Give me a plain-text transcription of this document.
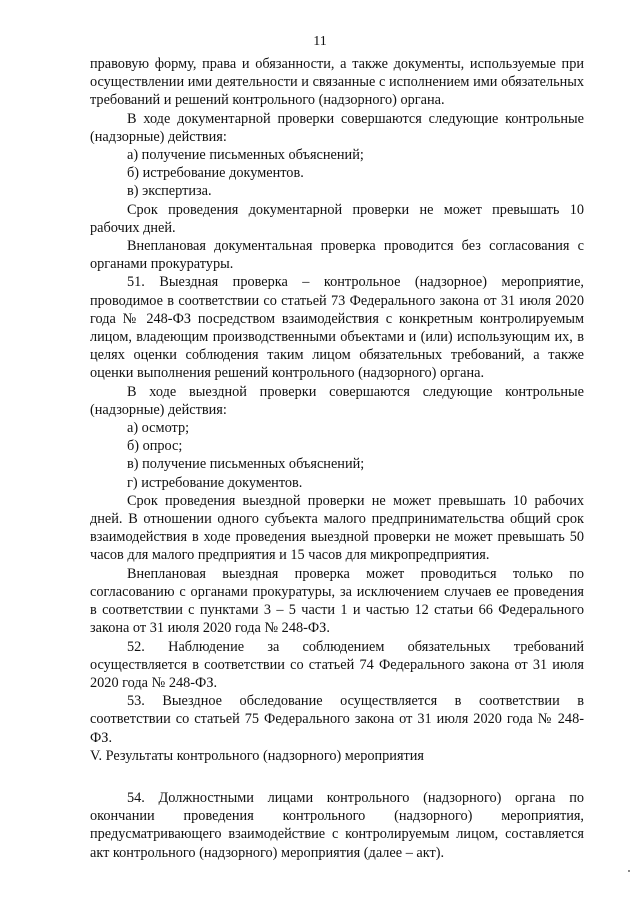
11

правовую форму, права и обязанности, а также документы, используемые при осуществлении ими деятельности и связанные с исполнением ими обязательных требований и решений контрольного (надзорного) органа.

В ходе документарной проверки совершаются следующие контрольные (надзорные) действия:

а) получение письменных объяснений;

б) истребование документов.

в) экспертиза.

Срок проведения документарной проверки не может превышать 10 рабочих дней.

Внеплановая документальная проверка проводится без согласования с органами прокуратуры.

51. Выездная проверка – контрольное (надзорное) мероприятие, проводимое в соответствии со статьей 73 Федерального закона от 31 июля 2020 года № 248-ФЗ посредством взаимодействия с конкретным контролируемым лицом, владеющим производственными объектами и (или) использующим их, в целях оценки соблюдения таким лицом обязательных требований, а также оценки выполнения решений контрольного (надзорного) органа.

В ходе выездной проверки совершаются следующие контрольные (надзорные) действия:

а) осмотр;

б) опрос;

в) получение письменных объяснений;

г) истребование документов.

Срок проведения выездной проверки не может превышать 10 рабочих дней. В отношении одного субъекта малого предпринимательства общий срок взаимодействия в ходе проведения выездной проверки не может превышать 50 часов для малого предприятия и 15 часов для микропредприятия.

Внеплановая выездная проверка может проводиться только по согласованию с органами прокуратуры, за исключением случаев ее проведения в соответствии с пунктами 3 – 5 части 1 и частью 12 статьи 66 Федерального закона от 31 июля 2020 года № 248-ФЗ.

52. Наблюдение за соблюдением обязательных требований осуществляется в соответствии со статьей 74 Федерального закона от 31 июля 2020 года № 248-ФЗ.

53. Выездное обследование осуществляется в соответствии в соответствии со статьей 75 Федерального закона от 31 июля 2020 года № 248-ФЗ.

V. Результаты контрольного (надзорного) мероприятия

54. Должностными лицами контрольного (надзорного) органа по окончании проведения контрольного (надзорного) мероприятия, предусматривающего взаимодействие с контролируемым лицом, составляется акт контрольного (надзорного) мероприятия (далее – акт).
